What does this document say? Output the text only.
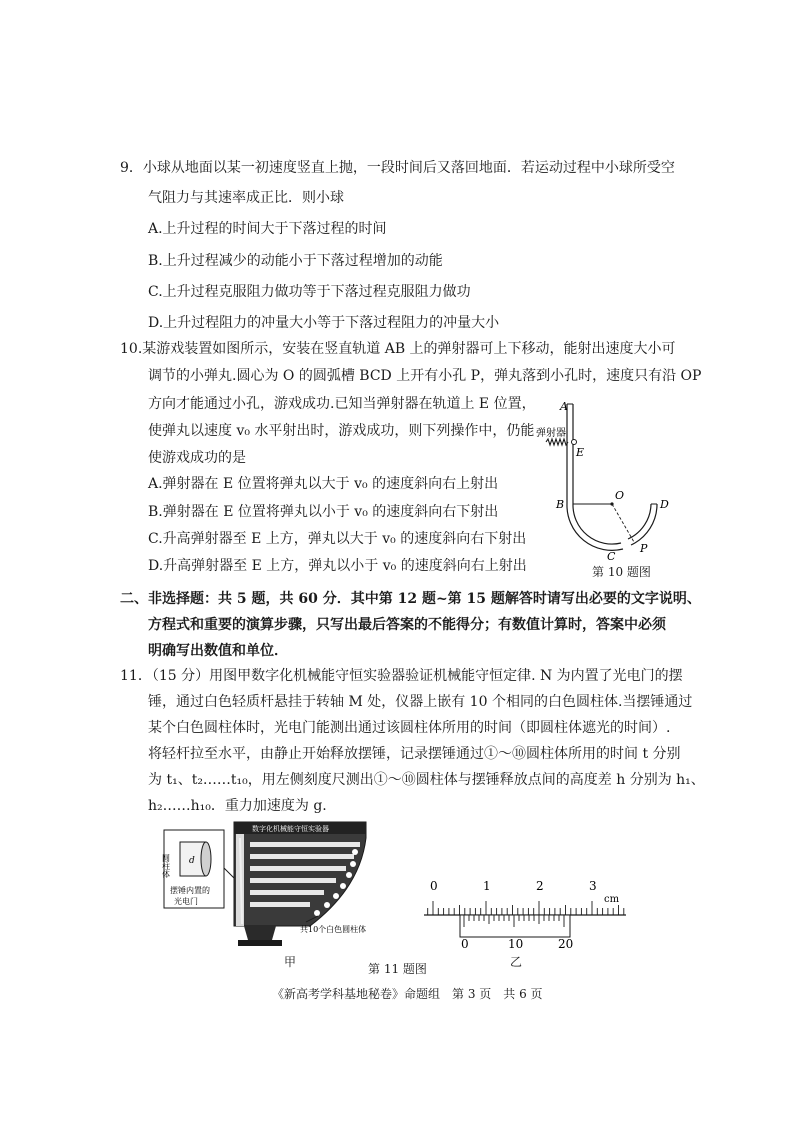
9．小球从地面以某一初速度竖直上抛，一段时间后又落回地面．若运动过程中小球所受空
气阻力与其速率成正比．则小球
A.上升过程的时间大于下落过程的时间
B.上升过程减少的动能小于下落过程增加的动能
C.上升过程克服阻力做功等于下落过程克服阻力做功
D.上升过程阻力的冲量大小等于下落过程阻力的冲量大小
10.某游戏装置如图所示，安装在竖直轨道 AB 上的弹射器可上下移动，能射出速度大小可
调节的小弹丸.圆心为 O 的圆弧槽 BCD 上开有小孔 P，弹丸落到小孔时，速度只有沿 OP
方向才能通过小孔，游戏成功.已知当弹射器在轨道上 E 位置，
使弹丸以速度 v₀ 水平射出时，游戏成功，则下列操作中，仍能
使游戏成功的是
A.弹射器在 E 位置将弹丸以大于 v₀ 的速度斜向右上射出
B.弹射器在 E 位置将弹丸以小于 v₀ 的速度斜向右下射出
C.升高弹射器至 E 上方，弹丸以大于 v₀ 的速度斜向右下射出
D.升高弹射器至 E 上方，弹丸以小于 v₀ 的速度斜向右上射出
A
弹射器
E
B
O
D
C
P
第 10 题图
二、非选择题：共 5 题，共 60 分．其中第 12 题~第 15 题解答时请写出必要的文字说明、
方程式和重要的演算步骤，只写出最后答案的不能得分；有数值计算时，答案中必须
明确写出数值和单位．
11．（15 分）用图甲数字化机械能守恒实验器验证机械能守恒定律. N 为内置了光电门的摆
锤，通过白色轻质杆悬挂于转轴 M 处，仪器上嵌有 10 个相同的白色圆柱体.当摆锤通过
某个白色圆柱体时，光电门能测出通过该圆柱体所用的时间（即圆柱体遮光的时间）.
将轻杆拉至水平，由静止开始释放摆锤，记录摆锤通过①～⑩圆柱体所用的时间 t 分别
为 t₁、t₂……t₁₀，用左侧刻度尺测出①～⑩圆柱体与摆锤释放点间的高度差 h 分别为 h₁、
h₂……h₁₀．重力加速度为 g.
圆柱体 d
摆锤内置的
光电门
数字化机械能守恒实验器
共10个白色圆柱体
甲
0	1	2	3
cm
0	10	20
乙
第 11 题图
《新高考学科基地秘卷》命题组　第 3 页　共 6 页
